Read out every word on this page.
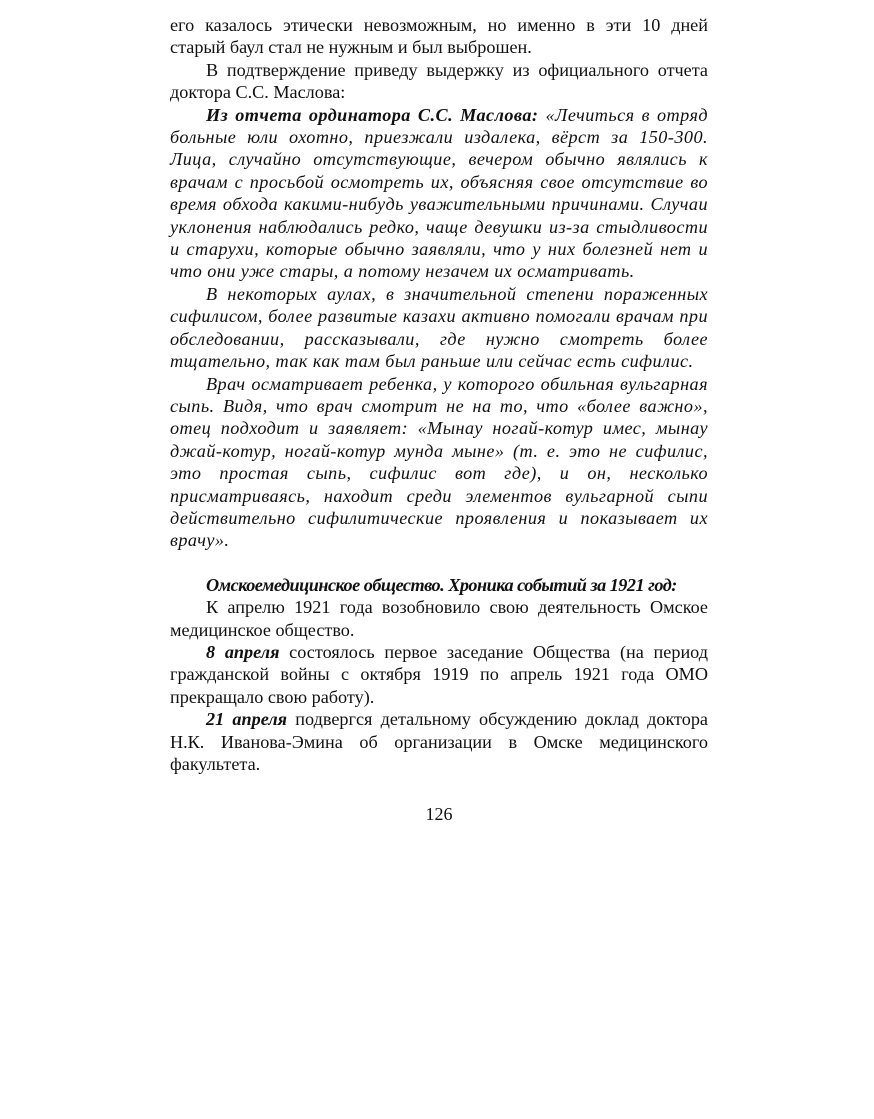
его казалось этически невозможным, но именно в эти 10 дней старый баул стал не нужным и был выброшен.

В подтверждение приведу выдержку из официального отчета доктора С.С. Маслова:

Из отчета ординатора С.С. Маслова: «Лечиться в отряд больные юли охотно, приезжали издалека, вёрст за 150-300. Лица, случайно отсутствующие, вечером обычно являлись к врачам с просьбой осмотреть их, объясняя свое отсутствие во время обхода какими-нибудь уважительными причинами. Случаи уклонения наблюдались редко, чаще девушки из-за стыдливости и старухи, которые обычно заявляли, что у них болезней нет и что они уже стары, а потому незачем их осматривать.

В некоторых аулах, в значительной степени пораженных сифилисом, более развитые казахи активно помогали врачам при обследовании, рассказывали, где нужно смотреть более тщательно, так как там был раньше или сейчас есть сифилис.

Врач осматривает ребенка, у которого обильная вульгарная сыпь. Видя, что врач смотрит не на то, что «более важно», отец подходит и заявляет: «Мынау ногай-котур имес, мынау джай-котур, ногай-котур мунда мыне» (т. е. это не сифилис, это простая сыпь, сифилис вот где), и он, несколько присматриваясь, находит среди элементов вульгарной сыпи действительно сифилитические проявления и показывает их врачу».

Омскоемедицинское общество. Хроника событий за 1921 год:

К апрелю 1921 года возобновило свою деятельность Омское медицинское общество.

8 апреля состоялось первое заседание Общества (на период гражданской войны с октября 1919 по апрель 1921 года ОМО прекращало свою работу).

21 апреля подвергся детальному обсуждению доклад доктора Н.К. Иванова-Эмина об организации в Омске медицинского факультета.

126
